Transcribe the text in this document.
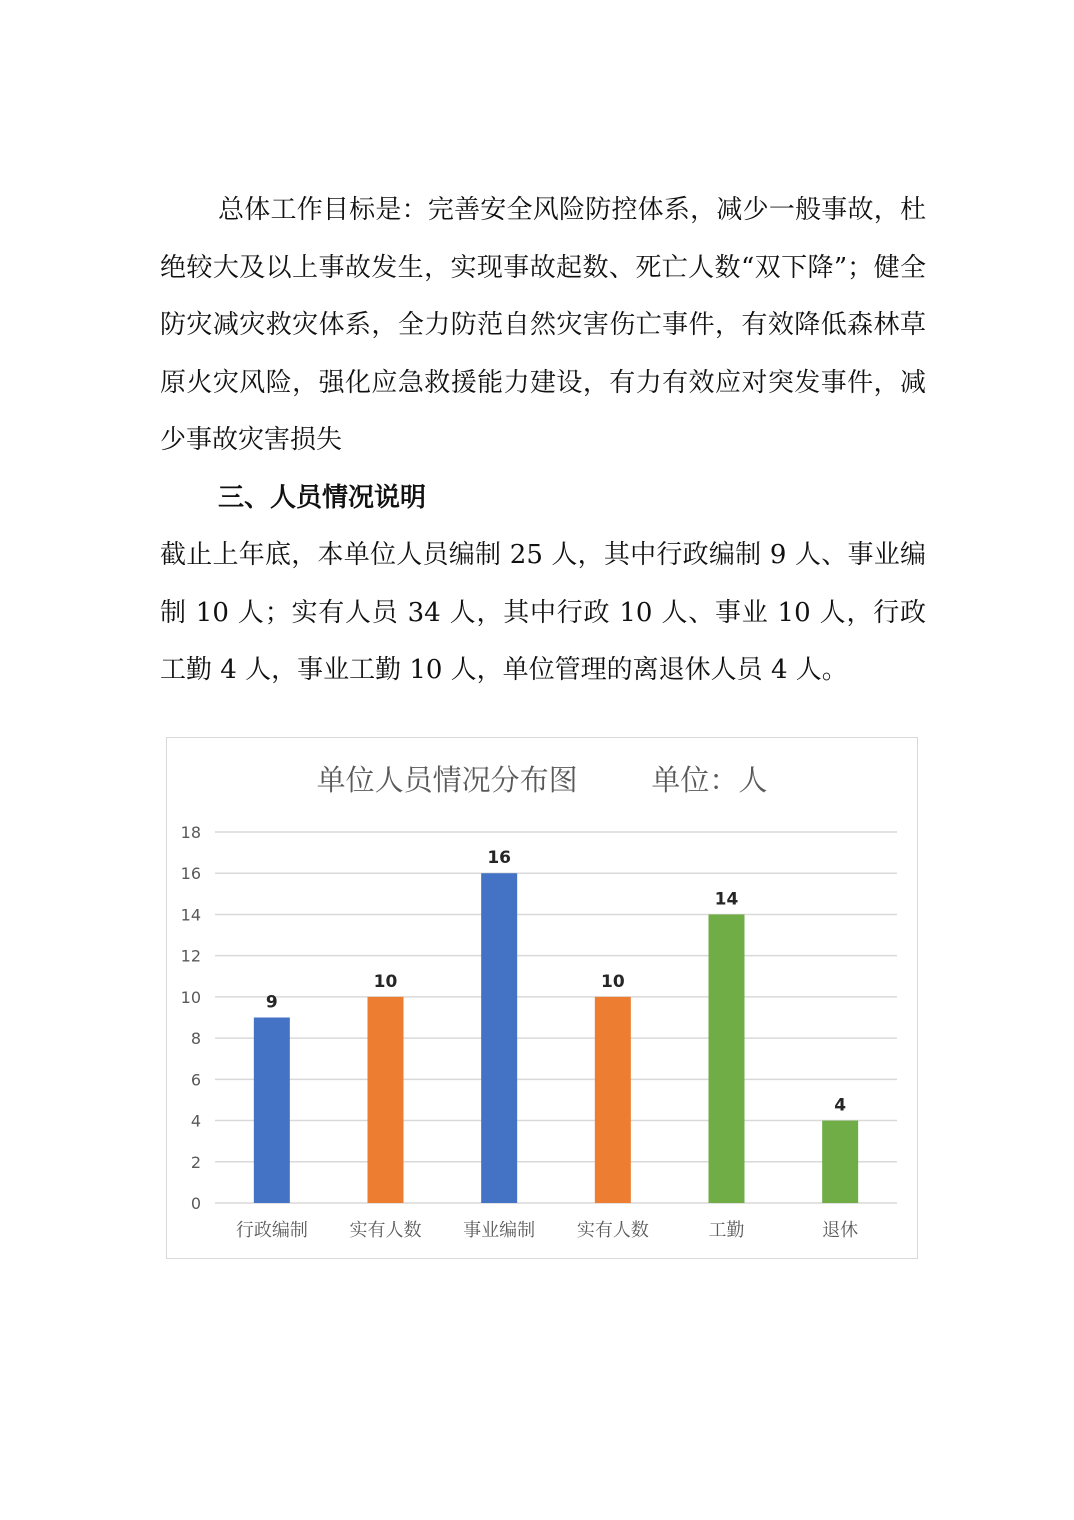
总体工作目标是：完善安全风险防控体系，减少一般事故，杜绝较大及以上事故发生，实现事故起数、死亡人数“双下降”；健全防灾减灾救灾体系，全力防范自然灾害伤亡事件，有效降低森林草原火灾风险，强化应急救援能力建设，有力有效应对突发事件，减少事故灾害损失

三、人员情况说明

截止上年底，本单位人员编制 25 人，其中行政编制 9 人、事业编制 10 人；实有人员 34 人，其中行政 10 人、事业 10 人，行政工勤 4 人，事业工勤 10 人，单位管理的离退休人员 4 人。

单位人员情况分布图        单位：人
0
2
4
6
8
10
12
14
16
18
9
10
16
10
14
4
行政编制 实有人数 事业编制 实有人数	工勤	退休
